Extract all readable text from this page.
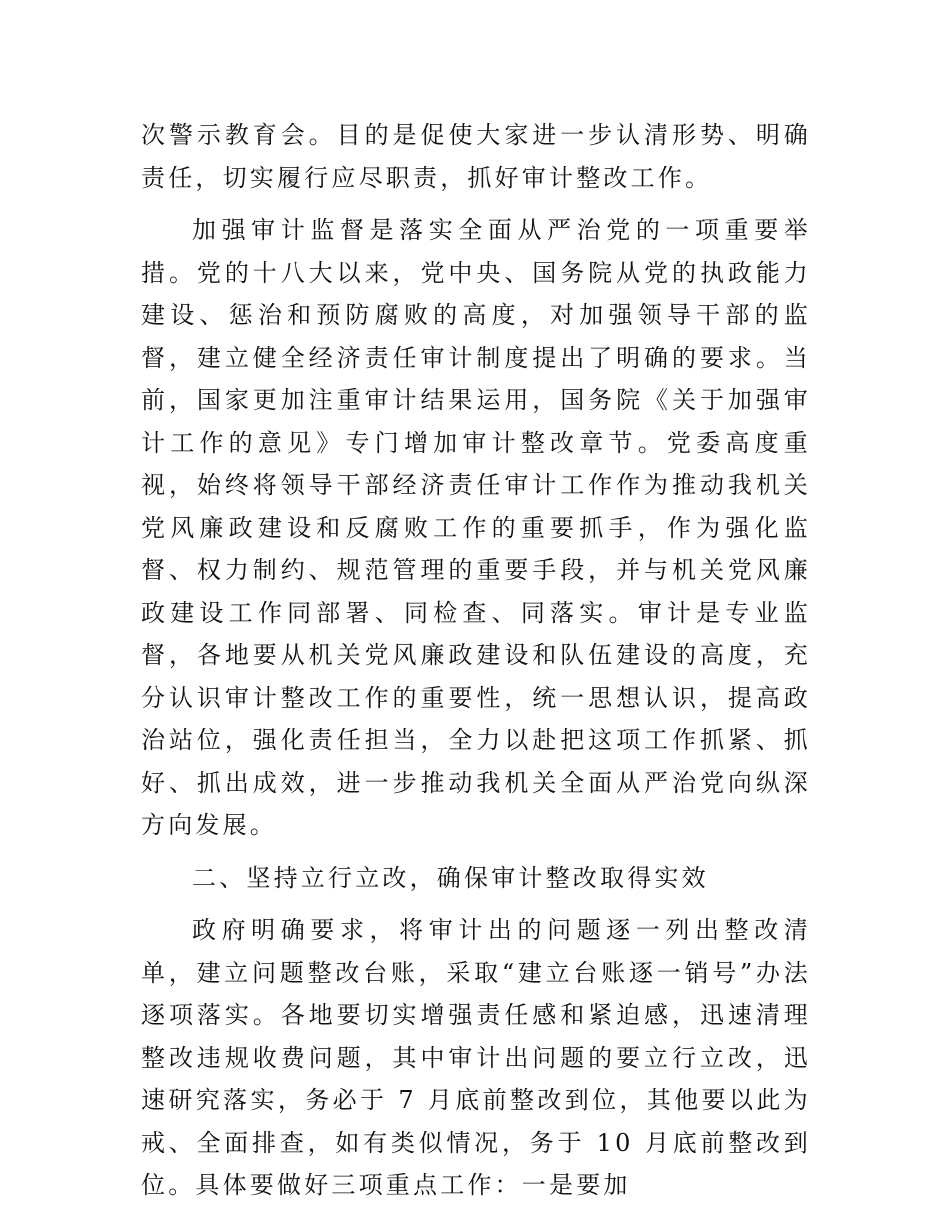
次警示教育会。目的是促使大家进一步认清形势、明确责任，切实履行应尽职责，抓好审计整改工作。

加强审计监督是落实全面从严治党的一项重要举措。党的十八大以来，党中央、国务院从党的执政能力建设、惩治和预防腐败的高度，对加强领导干部的监督，建立健全经济责任审计制度提出了明确的要求。当前，国家更加注重审计结果运用，国务院《关于加强审计工作的意见》专门增加审计整改章节。党委高度重视，始终将领导干部经济责任审计工作作为推动我机关党风廉政建设和反腐败工作的重要抓手，作为强化监督、权力制约、规范管理的重要手段，并与机关党风廉政建设工作同部署、同检查、同落实。审计是专业监督，各地要从机关党风廉政建设和队伍建设的高度，充分认识审计整改工作的重要性，统一思想认识，提高政治站位，强化责任担当，全力以赴把这项工作抓紧、抓好、抓出成效，进一步推动我机关全面从严治党向纵深方向发展。

二、坚持立行立改，确保审计整改取得实效

政府明确要求，将审计出的问题逐一列出整改清单，建立问题整改台账，采取“建立台账逐一销号”办法逐项落实。各地要切实增强责任感和紧迫感，迅速清理整改违规收费问题，其中审计出问题的要立行立改，迅速研究落实，务必于 7 月底前整改到位，其他要以此为戒、全面排查，如有类似情况，务于 10 月底前整改到位。具体要做好三项重点工作：一是要加
